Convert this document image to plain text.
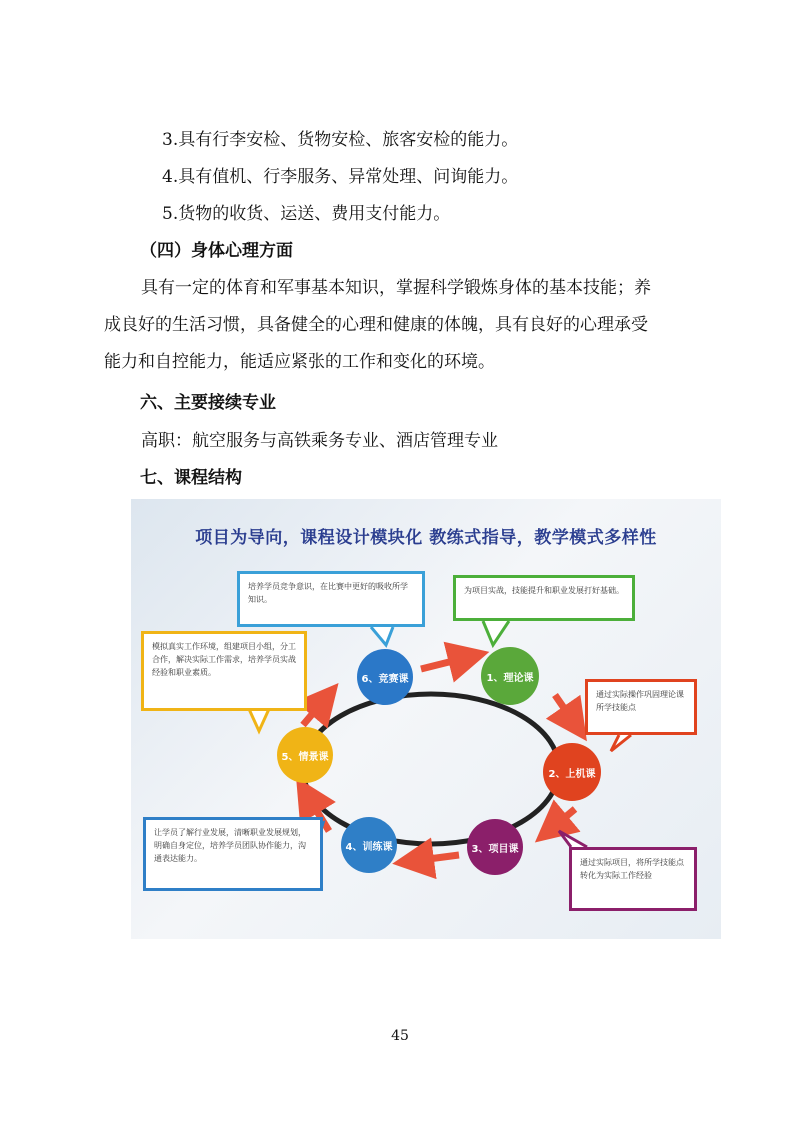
3.具有行李安检、货物安检、旅客安检的能力。
4.具有值机、行李服务、异常处理、问询能力。
5.货物的收货、运送、费用支付能力。
（四）身体心理方面
具有一定的体育和军事基本知识，掌握科学锻炼身体的基本技能；养
成良好的生活习惯，具备健全的心理和健康的体魄，具有良好的心理承受
能力和自控能力，能适应紧张的工作和变化的环境。
六、主要接续专业
高职：航空服务与高铁乘务专业、酒店管理专业
七、课程结构
项目为导向，课程设计模块化 教练式指导，教学模式多样性
培养学员竞争意识，在比赛中更好的吸收所学知识。
为项目实战，技能提升和职业发展打好基础。
通过实际操作巩固理论课所学技能点
通过实际项目，将所学技能点转化为实际工作经验
让学员了解行业发展，清晰职业发展规划，明确自身定位，培养学员团队协作能力，沟通表达能力。
模拟真实工作环境，组建项目小组，分工合作，解决实际工作需求，培养学员实战经验和职业素质。
6、竞赛课	1、理论课
2、上机课
3、项目课
4、训练课
5、情景课
45
